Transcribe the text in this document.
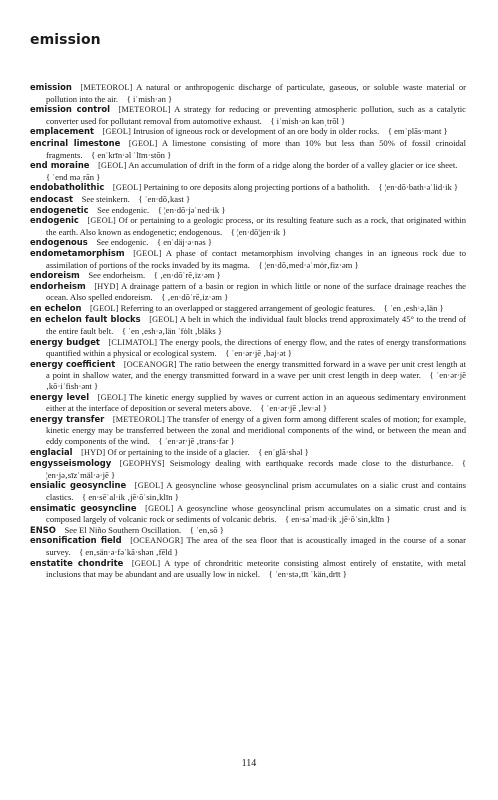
emission

emission  [METEOROL] A natural or anthropogenic discharge of particulate, gaseous, or soluble waste material or pollution into the air.  { iˈmish·ən }

emission control  [METEOROL] A strategy for reducing or preventing atmospheric pollution, such as a catalytic converter used for pollutant removal from automotive exhaust.  { iˈmish·ən kənˌtrōl }

emplacement  [GEOL] Intrusion of igneous rock or development of an ore body in older rocks.  { emˈplās·mənt }

encrinal limestone  [GEOL] A limestone consisting of more than 10% but less than 50% of fossil crinoidal fragments.  { enˈkrīn·əl ˈlīm·stōn }

end moraine  [GEOL] An accumulation of drift in the form of a ridge along the border of a valley glacier or ice sheet. { ˈend məˌrān }

endobatholithic  [GEOL] Pertaining to ore deposits along projecting portions of a batholith.  { ¦en·dō·bath·əˈlid·ik }

endocast  See steinkern.  { ˈen·dō‚kast }

endogenetic  See endogenic.  { ¦en·dō·jəˈned·ik }

endogenic  [GEOL] Of or pertaining to a geologic process, or its resulting feature such as a rock, that originated within the earth. Also known as endogenetic; endogenous.  { ¦en·dō¦jen·ik }

endogenous  See endogenic.  { enˈdäj·ə·nəs }

endometamorphism  [GEOL] A phase of contact metamorphism involving changes in an igneous rock due to assimilation of portions of the rocks invaded by its magma.  { ¦en·dō‚med·əˈmȯr‚fiz·əm }

endoreism  See endorheism.  { ‚en·dōˈrē‚iz·əm }

endorheism  [HYD] A drainage pattern of a basin or region in which little or none of the surface drainage reaches the ocean. Also spelled endoreism.  { ‚en·dōˈrē‚iz·əm }

en echelon  [GEOL] Referring to an overlapped or staggered arrangement of geologic features.  { ˈen ‚esh·ə‚län }

en echelon fault blocks  [GEOL] A belt in which the individual fault blocks trend approximately 45° to the trend of the entire fault belt.  { ˈen ‚esh·ə‚län ˈfȯlt ‚bläks }

energy budget  [CLIMATOL] The energy pools, the directions of energy flow, and the rates of energy transformations quantified within a physical or ecological system.  { ˈen·ər·jē ‚bəj·ət }

energy coefficient  [OCEANOGR] The ratio between the energy transmitted forward in a wave per unit crest length at a point in shallow water, and the energy transmitted forward in a wave per unit crest length in deep water.  { ˈen·ər·jē ‚kō·iˈfish·ənt }

energy level  [GEOL] The kinetic energy supplied by waves or current action in an aqueous sedimentary environment either at the interface of deposition or several meters above.  { ˈen·ər·jē ‚lev·əl }

energy transfer  [METEOROL] The transfer of energy of a given form among different scales of motion; for example, kinetic energy may be transferred between the zonal and meridional components of the wind, or between the mean and eddy components of the wind.  { ˈen·ər·jē ‚trans·fər }

englacial  [HYD] Of or pertaining to the inside of a glacier.  { enˈglā·shəl }

engysseismology  [GEOPHYS] Seismology dealing with earthquake records made close to the disturbance.  { ¦en·jə‚sīzˈmäl·ə·jē }

ensialic geosyncline  [GEOL] A geosyncline whose geosynclinal prism accumulates on a sialic crust and contains clastics.  { en·sēˈal·ik ‚jē·ōˈsin‚klīn }

ensimatic geosyncline  [GEOL] A geosyncline whose geosynclinal prism accumulates on a simatic crust and is composed largely of volcanic rock or sediments of volcanic debris.  { en·səˈmad·ik ‚jē·ōˈsin‚klīn }

ENSO  See El Niño Southern Oscillation.  { ˈen‚sō }

ensonification field  [OCEANOGR] The area of the sea floor that is acoustically imaged in the course of a sonar survey.  { en‚sän·ə·fəˈkā·shən ‚fēld }

enstatite chondrite  [GEOL] A type of chrondritic meteorite consisting almost entirely of enstatite, with metal inclusions that may be abundant and are usually low in nickel.  { ˈen·stə‚tīt ˈkän‚drīt }

114
